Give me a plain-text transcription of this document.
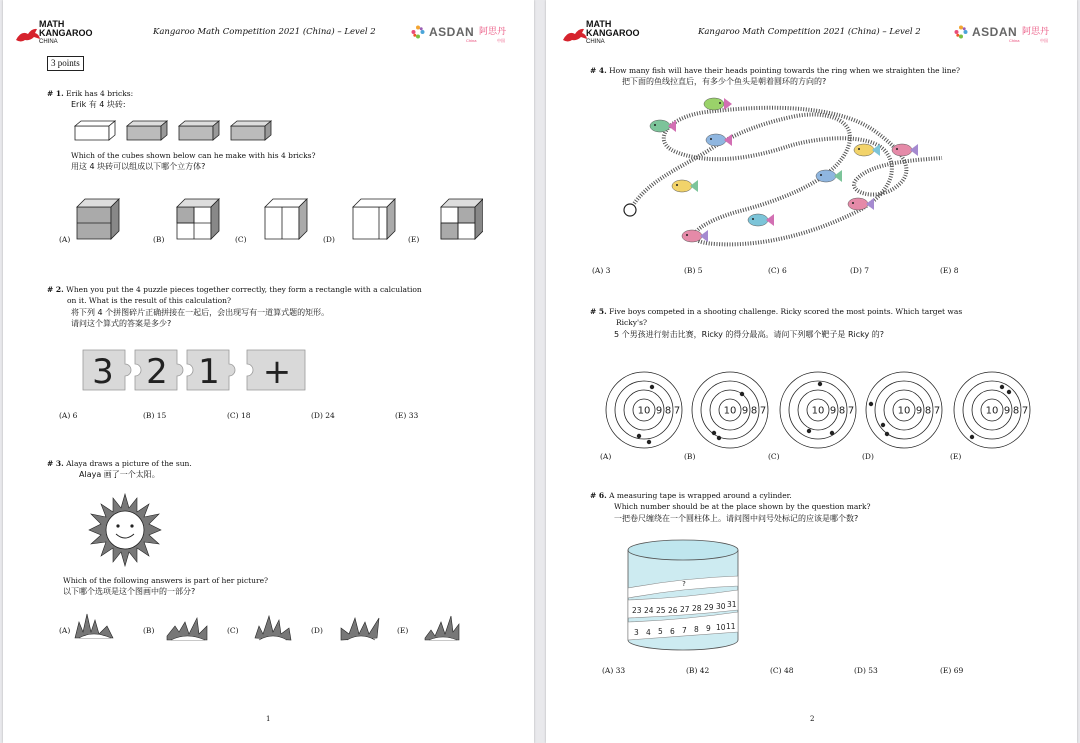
MATH
KANGAROO
CHINA
Kangaroo Math Competition 2021 (China) – Level 2	ASDAN 阿思丹
China	中国
3 points
# 1. Erik has 4 bricks:
Erik 有 4 块砖:
Which of the cubes shown below can he make with his 4 bricks?
用这 4 块砖可以组成以下哪个立方体?
(A)	(B)	(C)	(D)	(E)
# 2. When you put the 4 puzzle pieces together correctly, they form a rectangle with a calculation
on it. What is the result of this calculation?
将下列 4 个拼图碎片正确拼接在一起后，会出现写有一道算式题的矩形。
请问这个算式的答案是多少?
3 2 1 +
(A) 6	(B) 15	(C) 18	(D) 24	(E) 33
# 3. Alaya draws a picture of the sun.
Alaya 画了一个太阳。
Which of the following answers is part of her picture?
以下哪个选项是这个图画中的一部分?
(A)	(B)	(C)	(D)	(E)
1
MATH
KANGAROO
CHINA
Kangaroo Math Competition 2021 (China) – Level 2	ASDAN 阿思丹
China	中国
# 4. How many fish will have their heads pointing towards the ring when we straighten the line?
把下面的鱼线拉直后，有多少个鱼头是朝着圆环的方向的?
(A) 3	(B) 5	(C) 6	(D) 7	(E) 8
# 5. Five boys competed in a shooting challenge. Ricky scored the most points. Which target was
Ricky's?
5 个男孩进行射击比赛，Ricky 的得分最高。请问下列哪个靶子是 Ricky 的?
10 9 8 7	10 9 8 7	10 9 8 7	10 9 8 7	10 9 8 7
(A)	(B)	(C)	(D)	(E)
# 6. A measuring tape is wrapped around a cylinder.
Which number should be at the place shown by the question mark?
一把卷尺缠绕在一个圆柱体上。请问图中问号处标记的应该是哪个数?
?
23 24 25 26 27 28 29 30 31
3 4 5 6 7 8 9 10 11
(A) 33	(B) 42	(C) 48	(D) 53	(E) 69
2
